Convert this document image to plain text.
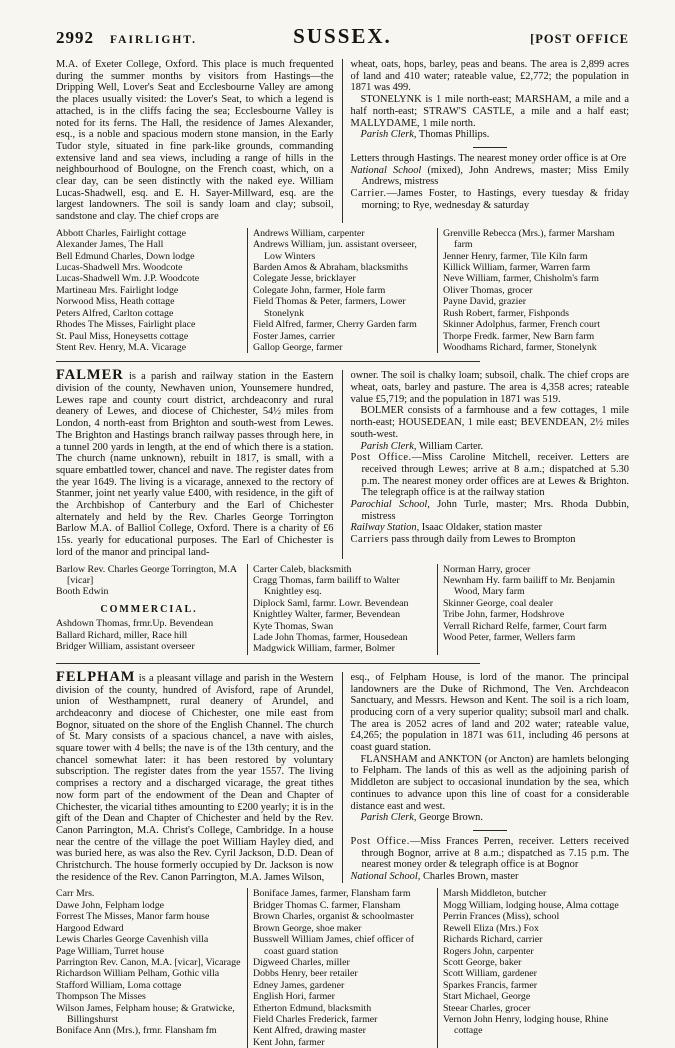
2992 FAIRLIGHT.	SUSSEX.	[POST OFFICE

M.A. of Exeter College, Oxford. This place is much frequented during the summer months by visitors from Hastings—the Dripping Well, Lover's Seat and Ecclesbourne Valley are among the places usually visited: the Lover's Seat, to which a legend is attached, is in the cliffs facing the sea; Ecclesbourne Valley is noted for its ferns. The Hall, the residence of James Alexander, esq., is a noble and spacious modern stone mansion, in the Early Tudor style, situated in fine park-like grounds, commanding extensive land and sea views, including a range of hills in the neighbourhood of Boulogne, on the French coast, which, on a clear day, can be seen distinctly with the naked eye. William Lucas-Shadwell, esq. and E. H. Sayer-Millward, esq. are the largest landowners. The soil is sandy loam and clay; subsoil, sandstone and clay. The chief crops are

wheat, oats, hops, barley, peas and beans. The area is 2,899 acres of land and 410 water; rateable value, £2,772; the population in 1871 was 499.

STONELYNK is 1 mile north-east; MARSHAM, a mile and a half north-east; STRAW'S CASTLE, a mile and a half east; MALLYDAME, 1 mile north.

Parish Clerk, Thomas Phillips.

Letters through Hastings. The nearest money order office is at Ore

National School (mixed), John Andrews, master; Miss Emily Andrews, mistress

Carrier.—James Foster, to Hastings, every tuesday & friday morning; to Rye, wednesday & saturday

Abbott Charles, Fairlight cottage
Alexander James, The Hall
Bell Edmund Charles, Down lodge
Lucas-Shadwell Mrs. Woodcote
Lucas-Shadwell Wm. J.P. Woodcote
Martineau Mrs. Fairlight lodge
Norwood Miss, Heath cottage
Peters Alfred, Carlton cottage
Rhodes The Misses, Fairlight place
St. Paul Miss, Honeysetts cottage
Stent Rev. Henry, M.A. Vicarage
Andrews William, carpenter
Andrews William, jun. assistant overseer, Low Winters
Barden Amos & Abraham, blacksmiths
Colegate Jesse, bricklayer
Colegate John, farmer, Hole farm
Field Thomas & Peter, farmers, Lower Stonelynk
Field Alfred, farmer, Cherry Garden farm
Foster James, carrier
Gallop George, farmer
Grenville Rebecca (Mrs.), farmer Marsham farm
Jenner Henry, farmer, Tile Kiln farm
Killick William, farmer, Warren farm
Neve William, farmer, Chisholm's farm
Oliver Thomas, grocer
Payne David, grazier
Rush Robert, farmer, Fishponds
Skinner Adolphus, farmer, French court
Thorpe Fredk. farmer, New Barn farm
Woodhams Richard, farmer, Stonelynk

FALMER is a parish and railway station in the Eastern division of the county, Newhaven union, Younsemere hundred, Lewes rape and county court district, archdeaconry and rural deanery of Lewes, and diocese of Chichester, 54½ miles from London, 4 north-east from Brighton and south-west from Lewes. The Brighton and Hastings branch railway passes through here, in a tunnel 200 yards in length, at the end of which there is a station. The church (name unknown), rebuilt in 1817, is small, with a square embattled tower, chancel and nave. The register dates from the year 1649. The living is a vicarage, annexed to the rectory of Stanmer, joint net yearly value £400, with residence, in the gift of the Archbishop of Canterbury and the Earl of Chichester alternately and held by the Rev. Charles George Torrington Barlow M.A. of Balliol College, Oxford. There is a charity of £6 15s. yearly for educational purposes. The Earl of Chichester is lord of the manor and principal land-

owner. The soil is chalky loam; subsoil, chalk. The chief crops are wheat, oats, barley and pasture. The area is 4,358 acres; rateable value £5,719; and the population in 1871 was 519.

BOLMER consists of a farmhouse and a few cottages, 1 mile north-east; HOUSEDEAN, 1 mile east; BEVENDEAN, 2½ miles south-west.

Parish Clerk, William Carter.

Post Office.—Miss Caroline Mitchell, receiver. Letters are received through Lewes; arrive at 8 a.m.; dispatched at 5.30 p.m. The nearest money order offices are at Lewes & Brighton. The telegraph office is at the railway station

Parochial School, John Turle, master; Mrs. Rhoda Dubbin, mistress

Railway Station, Isaac Oldaker, station master

Carriers pass through daily from Lewes to Brompton

Barlow Rev. Charles George Torrington, M.A [vicar]
Booth Edwin
COMMERCIAL.
Ashdown Thomas, frmr.Up. Bevendean
Ballard Richard, miller, Race hill
Bridger William, assistant overseer
Carter Caleb, blacksmith
Cragg Thomas, farm bailiff to Walter Knightley esq.
Diplock Saml, farmr. Lowr. Bevendean
Knightley Walter, farmer, Bevendean
Kyte Thomas, Swan
Lade John Thomas, farmer, Housedean
Madgwick William, farmer, Bolmer
Norman Harry, grocer
Newnham Hy. farm bailiff to Mr. Benjamin Wood, Mary farm
Skinner George, coal dealer
Tribe John, farmer, Hodshrove
Verrall Richard Relfe, farmer, Court farm
Wood Peter, farmer, Wellers farm

FELPHAM is a pleasant village and parish in the Western division of the county, hundred of Avisford, rape of Arundel, union of Westhampnett, rural deanery of Arundel, and archdeaconry and diocese of Chichester, one mile east from Bognor, situated on the shore of the English Channel. The church of St. Mary consists of a spacious chancel, a nave with aisles, square tower with 4 bells; the nave is of the 13th century, and the chancel somewhat later: it has been restored by voluntary subscription. The register dates from the year 1557. The living comprises a rectory and a discharged vicarage, the great tithes now form part of the endowment of the Dean and Chapter of Chichester, the vicarial tithes amounting to £200 yearly; it is in the gift of the Dean and Chapter of Chichester and held by the Rev. Canon Parrington, M.A. Christ's College, Cambridge. In a house near the centre of the village the poet William Hayley died, and was buried here, as was also the Rev. Cyril Jackson, D.D. Dean of Christchurch. The house formerly occupied by Dr. Jackson is now the residence of the Rev. Canon Parrington, M.A. James Wilson,

esq., of Felpham House, is lord of the manor. The principal landowners are the Duke of Richmond, The Ven. Archdeacon Sanctuary, and Messrs. Hewson and Kent. The soil is a rich loam, producing corn of a very superior quality; subsoil marl and chalk. The area is 2052 acres of land and 202 water; rateable value, £4,265; the population in 1871 was 611, including 46 persons at coast guard station.

FLANSHAM and ANKTON (or Ancton) are hamlets belonging to Felpham. The lands of this as well as the adjoining parish of Middleton are subject to occasional inundation by the sea, which continues to advance upon this line of coast for a considerable distance east and west.

Parish Clerk, George Brown.

Post Office.—Miss Frances Perren, receiver. Letters received through Bognor, arrive at 8 a.m.; dispatched as 7.15 p.m. The nearest money order & telegraph office is at Bognor

National School, Charles Brown, master

Carr Mrs.
Dawe John, Felpham lodge
Forrest The Misses, Manor farm house
Hargood Edward
Lewis Charles George Cavenhish villa
Page William, Turret house
Parrington Rev. Canon, M.A. [vicar], Vicarage
Richardson William Pelham, Gothic villa
Stafford William, Loma cottage
Thompson The Misses
Wilson James, Felpham house; & Gratwicke, Billingshurst
Boniface Ann (Mrs.), frmr. Flansham fm
Boniface James, farmer, Flansham farm
Bridger Thomas C. farmer, Flansham
Brown Charles, organist & schoolmaster
Brown George, shoe maker
Busswell William James, chief officer of coast guard station
Digweed Charles, miller
Dobbs Henry, beer retailer
Edney James, gardener
English Hori, farmer
Etherton Edmund, blacksmith
Field Charles Frederick, farmer
Kent Alfred, drawing master
Kent John, farmer
Marsh Middleton, butcher
Mogg William, lodging house, Alma cottage
Perrin Frances (Miss), school
Rewell Eliza (Mrs.) Fox
Richards Richard, carrier
Rogers John, carpenter
Scott George, baker
Scott William, gardener
Sparkes Francis, farmer
Start Michael, George
Steear Charles, grocer
Vernon John Henry, lodging house, Rhine cottage
